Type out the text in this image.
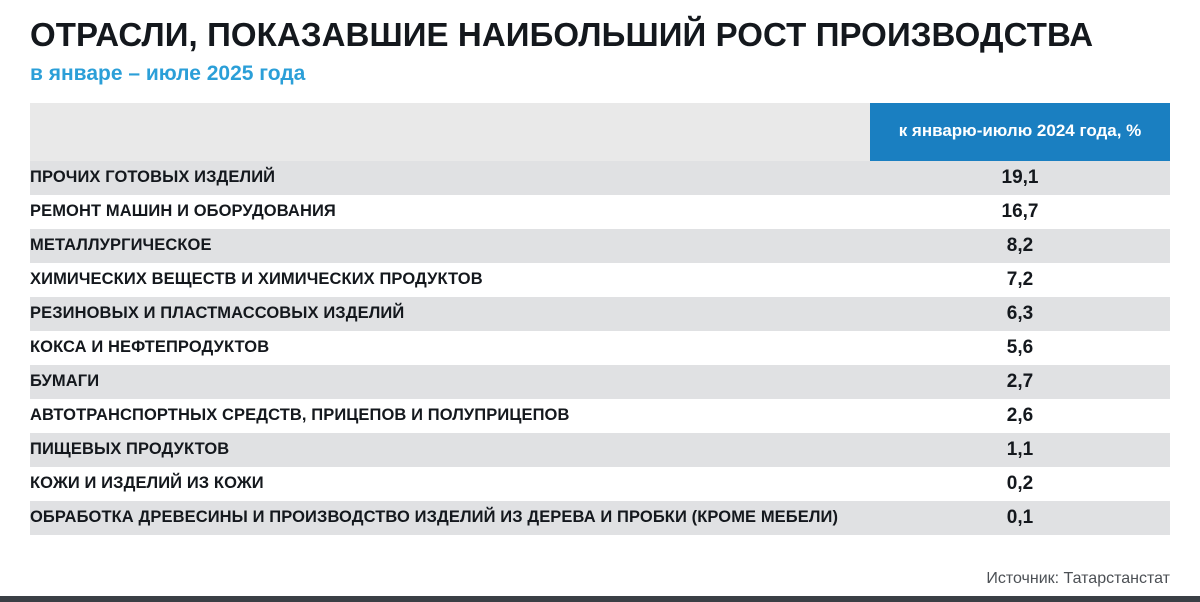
ОТРАСЛИ, ПОКАЗАВШИЕ НАИБОЛЬШИЙ РОСТ ПРОИЗВОДСТВА
в январе – июле 2025 года
	к январю-июлю 2024 года, %
ПРОЧИХ ГОТОВЫХ ИЗДЕЛИЙ	19,1
РЕМОНТ МАШИН И ОБОРУДОВАНИЯ	16,7
МЕТАЛЛУРГИЧЕСКОЕ	8,2
ХИМИЧЕСКИХ ВЕЩЕСТВ И ХИМИЧЕСКИХ ПРОДУКТОВ	7,2
РЕЗИНОВЫХ И ПЛАСТМАССОВЫХ ИЗДЕЛИЙ	6,3
КОКСА И НЕФТЕПРОДУКТОВ	5,6
БУМАГИ	2,7
АВТОТРАНСПОРТНЫХ СРЕДСТВ, ПРИЦЕПОВ И ПОЛУПРИЦЕПОВ	2,6
ПИЩЕВЫХ ПРОДУКТОВ	1,1
КОЖИ И ИЗДЕЛИЙ ИЗ КОЖИ	0,2
ОБРАБОТКА ДРЕВЕСИНЫ И ПРОИЗВОДСТВО ИЗДЕЛИЙ ИЗ ДЕРЕВА И ПРОБКИ (КРОМЕ МЕБЕЛИ)	0,1
Источник: Татарстанстат
